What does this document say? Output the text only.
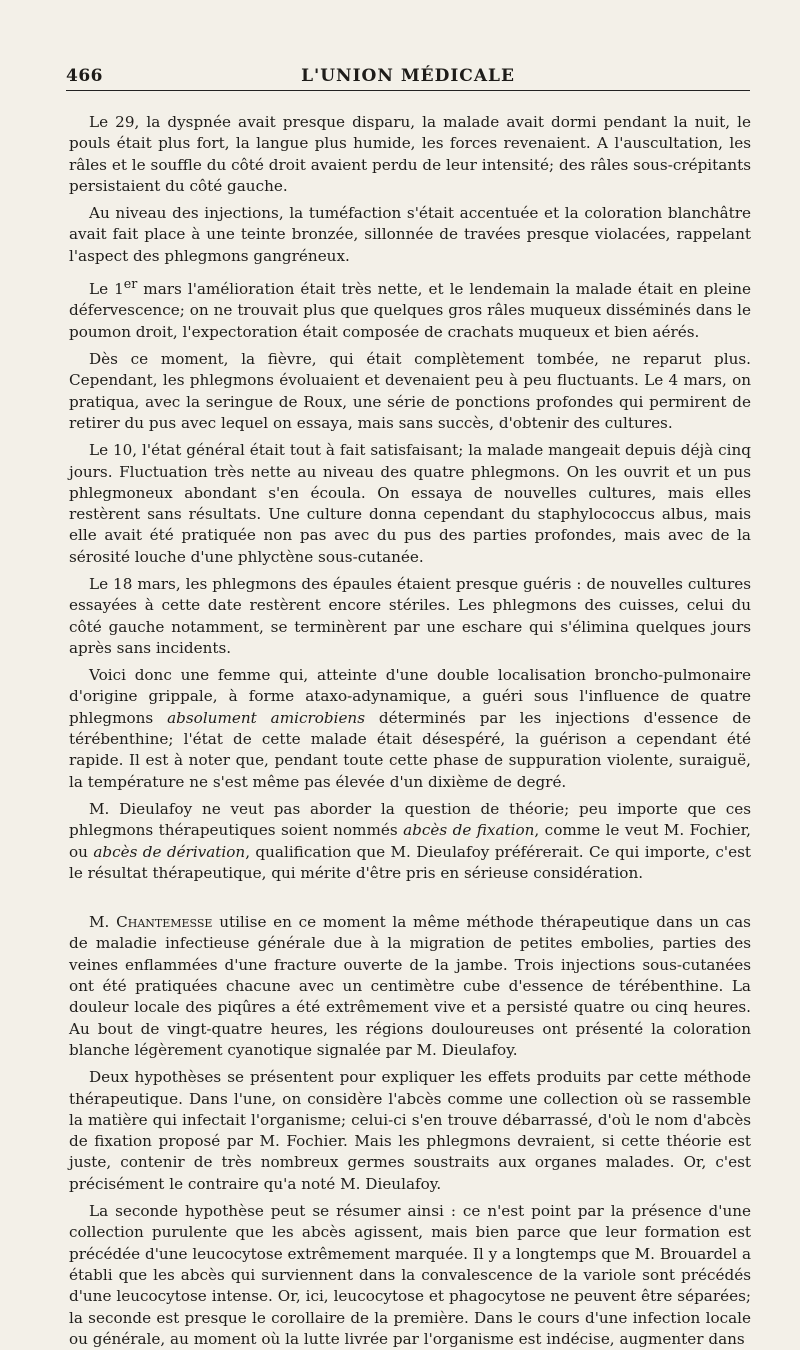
466	L'UNION MÉDICALE

Le 29, la dyspnée avait presque disparu, la malade avait dormi pendant la nuit, le pouls était plus fort, la langue plus humide, les forces revenaient. A l'auscultation, les râles et le souffle du côté droit avaient perdu de leur intensité; des râles sous-crépitants persistaient du côté gauche.

Au niveau des injections, la tuméfaction s'était accentuée et la coloration blanchâtre avait fait place à une teinte bronzée, sillonnée de travées presque violacées, rappelant l'aspect des phlegmons gangréneux.

Le 1er mars l'amélioration était très nette, et le lendemain la malade était en pleine défervescence; on ne trouvait plus que quelques gros râles muqueux disséminés dans le poumon droit, l'expectoration était composée de crachats muqueux et bien aérés.

Dès ce moment, la fièvre, qui était complètement tombée, ne reparut plus. Cependant, les phlegmons évoluaient et devenaient peu à peu fluctuants. Le 4 mars, on pratiqua, avec la seringue de Roux, une série de ponctions profondes qui permirent de retirer du pus avec lequel on essaya, mais sans succès, d'obtenir des cultures.

Le 10, l'état général était tout à fait satisfaisant; la malade mangeait depuis déjà cinq jours. Fluctuation très nette au niveau des quatre phlegmons. On les ouvrit et un pus phlegmoneux abondant s'en écoula. On essaya de nouvelles cultures, mais elles restèrent sans résultats. Une culture donna cependant du staphylococcus albus, mais elle avait été pratiquée non pas avec du pus des parties profondes, mais avec de la sérosité louche d'une phlyctène sous-cutanée.

Le 18 mars, les phlegmons des épaules étaient presque guéris : de nouvelles cultures essayées à cette date restèrent encore stériles. Les phlegmons des cuisses, celui du côté gauche notamment, se terminèrent par une eschare qui s'élimina quelques jours après sans incidents.

Voici donc une femme qui, atteinte d'une double localisation broncho-pulmonaire d'origine grippale, à forme ataxo-adynamique, a guéri sous l'influence de quatre phlegmons absolument amicrobiens déterminés par les injections d'essence de térébenthine; l'état de cette malade était désespéré, la guérison a cependant été rapide. Il est à noter que, pendant toute cette phase de suppuration violente, suraiguë, la température ne s'est même pas élevée d'un dixième de degré.

M. Dieulafoy ne veut pas aborder la question de théorie; peu importe que ces phlegmons thérapeutiques soient nommés abcès de fixation, comme le veut M. Fochier, ou abcès de dérivation, qualification que M. Dieulafoy préférerait. Ce qui importe, c'est le résultat thérapeutique, qui mérite d'être pris en sérieuse considération.

M. Chantemesse utilise en ce moment la même méthode thérapeutique dans un cas de maladie infectieuse générale due à la migration de petites embolies, parties des veines enflammées d'une fracture ouverte de la jambe. Trois injections sous-cutanées ont été pratiquées chacune avec un centimètre cube d'essence de térébenthine. La douleur locale des piqûres a été extrêmement vive et a persisté quatre ou cinq heures. Au bout de vingt-quatre heures, les régions douloureuses ont présenté la coloration blanche légèrement cyanotique signalée par M. Dieulafoy.

Deux hypothèses se présentent pour expliquer les effets produits par cette méthode thérapeutique. Dans l'une, on considère l'abcès comme une collection où se rassemble la matière qui infectait l'organisme; celui-ci s'en trouve débarrassé, d'où le nom d'abcès de fixation proposé par M. Fochier. Mais les phlegmons devraient, si cette théorie est juste, contenir de très nombreux germes soustraits aux organes malades. Or, c'est précisément le contraire qu'a noté M. Dieulafoy.

La seconde hypothèse peut se résumer ainsi : ce n'est point par la présence d'une collection purulente que les abcès agissent, mais bien parce que leur formation est précédée d'une leucocytose extrêmement marquée. Il y a longtemps que M. Brouardel a établi que les abcès qui surviennent dans la convalescence de la variole sont précédés d'une leucocytose intense. Or, ici, leucocytose et phagocytose ne peuvent être séparées; la seconde est presque le corollaire de la première. Dans le cours d'une infection locale ou générale, au moment où la lutte livrée par l'organisme est indécise, augmenter dans
